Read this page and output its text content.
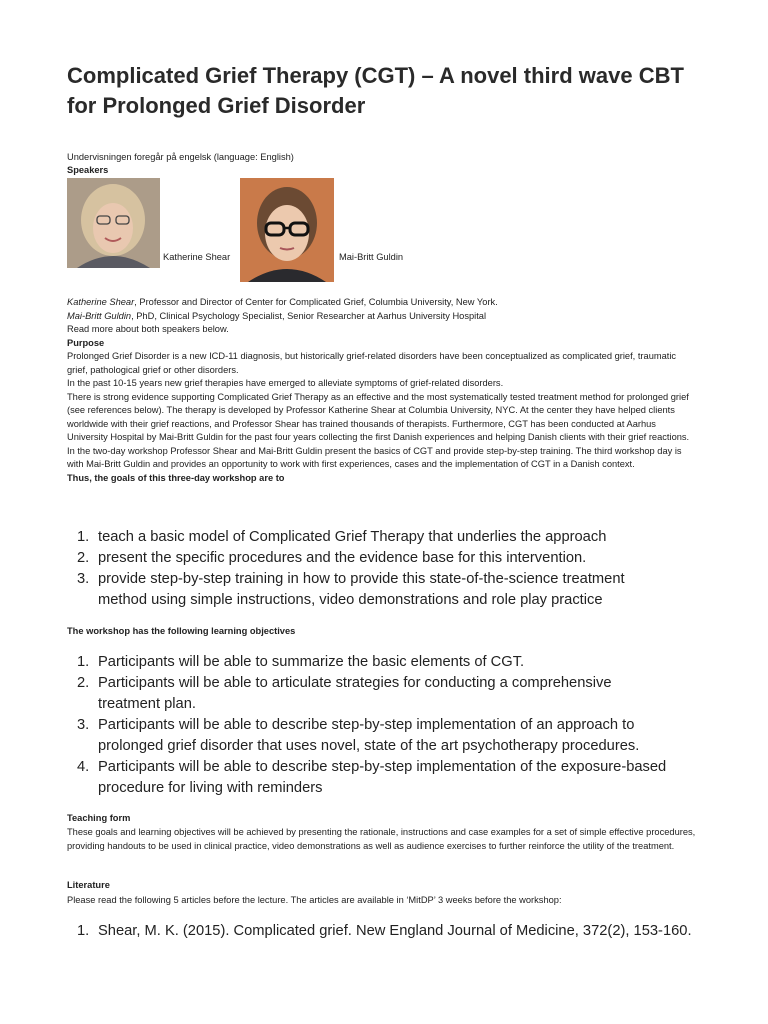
Complicated Grief Therapy (CGT) – A novel third wave CBT for Prolonged Grief Disorder
Undervisningen foregår på engelsk (language: English)
Speakers
Katherine Shear	Mai-Britt Guldin

Katherine Shear, Professor and Director of Center for Complicated Grief, Columbia University, New York.

Mai-Britt Guldin, PhD, Clinical Psychology Specialist, Senior Researcher at Aarhus University Hospital

Read more about both speakers below.

Purpose

Prolonged Grief Disorder is a new ICD-11 diagnosis, but historically grief-related disorders have been conceptualized as complicated grief, traumatic grief, pathological grief or other disorders.

In the past 10-15 years new grief therapies have emerged to alleviate symptoms of grief-related disorders.

There is strong evidence supporting Complicated Grief Therapy as an effective and the most systematically tested treatment method for prolonged grief (see references below). The therapy is developed by Professor Katherine Shear at Columbia University, NYC. At the center they have helped clients worldwide with their grief reactions, and Professor Shear has trained thousands of therapists. Furthermore, CGT has been conducted at Aarhus University Hospital by Mai-Britt Guldin for the past four years collecting the first Danish experiences and helping Danish clients with their grief reactions.

In the two-day workshop Professor Shear and Mai-Britt Guldin present the basics of CGT and provide step-by-step training. The third workshop day is with Mai-Britt Guldin and provides an opportunity to work with first experiences, cases and the implementation of CGT in a Danish context.

Thus, the goals of this three-day workshop are to

1. teach a basic model of Complicated Grief Therapy that underlies the approach
2. present the specific procedures and the evidence base for this intervention.
3. provide step-by-step training in how to provide this state-of-the-science treatment method using simple instructions, video demonstrations and role play practice
The workshop has the following learning objectives
1. Participants will be able to summarize the basic elements of CGT.
2. Participants will be able to articulate strategies for conducting a comprehensive treatment plan.
3. Participants will be able to describe step-by-step implementation of an approach to prolonged grief disorder that uses novel, state of the art psychotherapy procedures.
4. Participants will be able to describe step-by-step implementation of the exposure-based procedure for living with reminders
Teaching form
These goals and learning objectives will be achieved by presenting the rationale, instructions and case examples for a set of simple effective procedures, providing handouts to be used in clinical practice, video demonstrations as well as audience exercises to further reinforce the utility of the treatment.
Literature
Please read the following 5 articles before the lecture. The articles are available in ‘MitDP’ 3 weeks before the workshop:
1. Shear, M. K. (2015). Complicated grief. New England Journal of Medicine, 372(2), 153-160.
